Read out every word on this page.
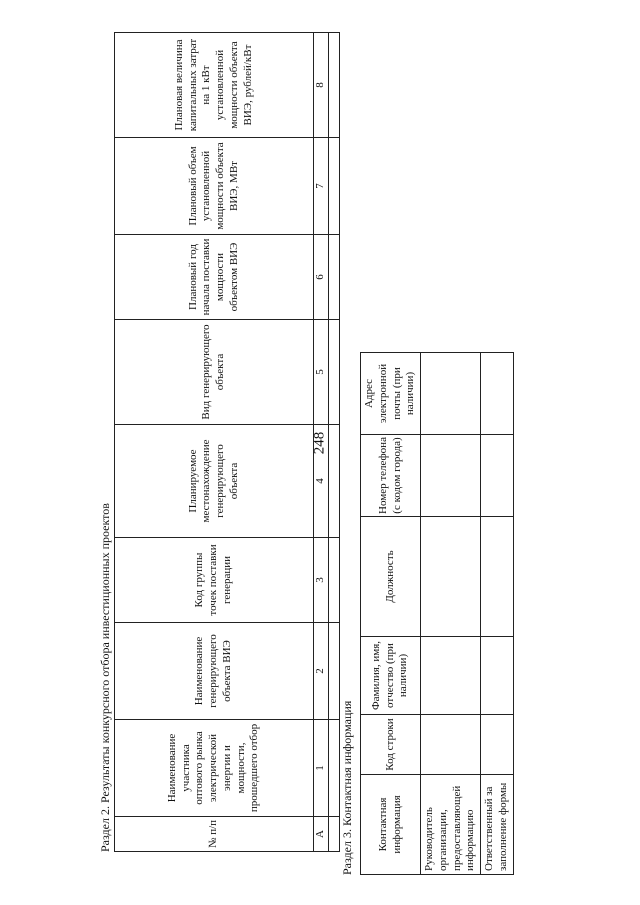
248
Раздел 2. Результаты конкурсного отбора инвестиционных проектов	№ п/п	Наименование участника оптового рынка электрической энергии и мощности, прошедшего отбор	Наименование генерирующего объекта ВИЭ	Код группы точек поставки генерации	Планируемое местонахождение генерирующего объекта	Вид генерирующего объекта	Плановый год начала поставки мощности объектом ВИЭ	Плановый объем установленной мощности объекта ВИЭ, МВт	Плановая величина капитальных затрат на 1 кВт установленной мощности объекта ВИЭ, рублей/кВт
А	1	2	3	4	5	6	7	8

Раздел 3. Контактная информация Контактная информация	Код строки	Фамилия, имя, отчество (при наличии)	Должность	Номер телефона (с кодом города)	Адрес электронной почты (при наличии)
Руководитель организации, предоставляющей информацию					
Ответственный за заполнение формы					
